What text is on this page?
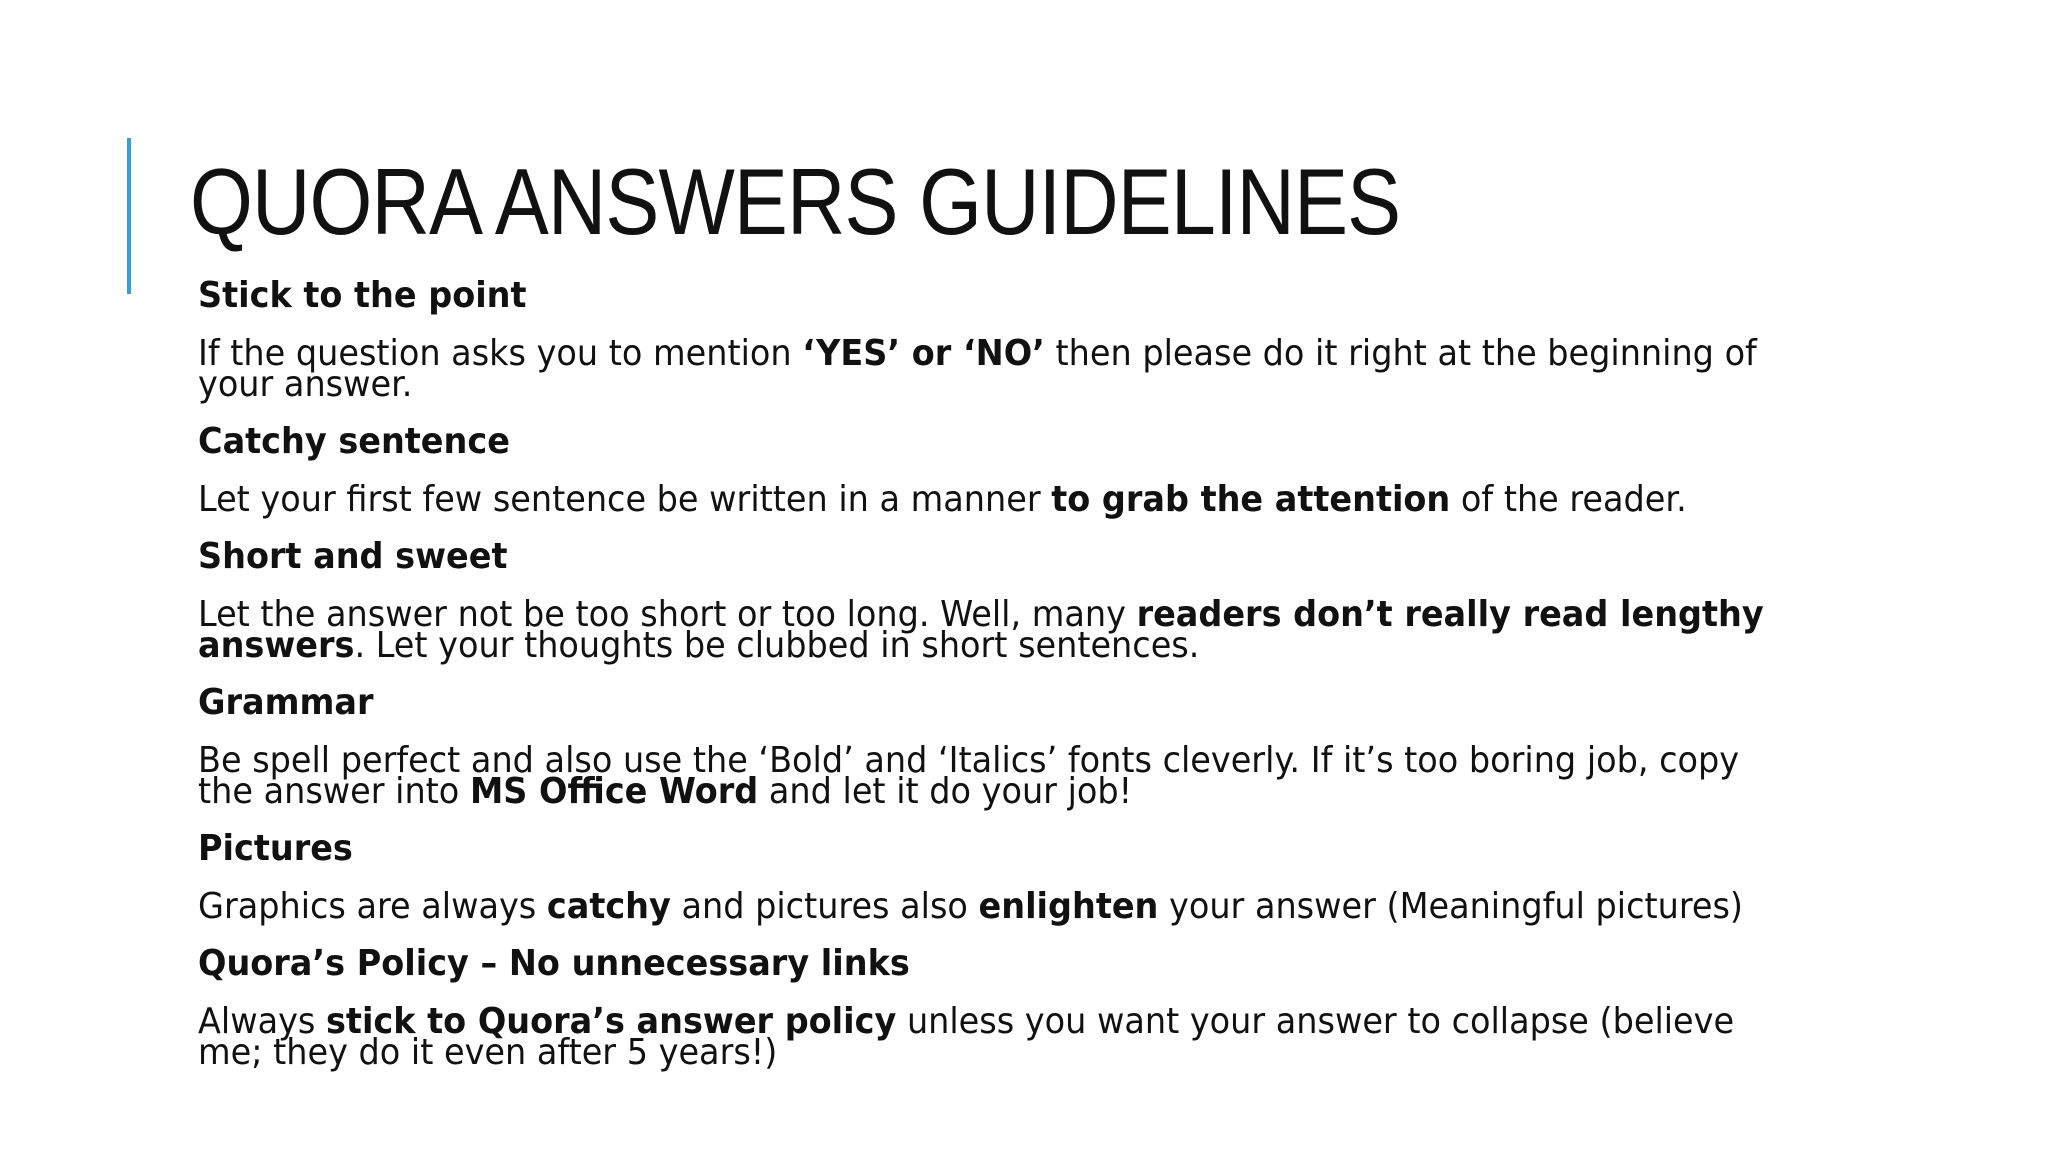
QUORA ANSWERS GUIDELINES

Stick to the point

If the question asks you to mention ‘YES’ or ‘NO’ then please do it right at the beginning of your answer.

Catchy sentence

Let your first few sentence be written in a manner to grab the attention of the reader.

Short and sweet

Let the answer not be too short or too long. Well, many readers don’t really read lengthy answers. Let your thoughts be clubbed in short sentences.

Grammar

Be spell perfect and also use the ‘Bold’ and ‘Italics’ fonts cleverly. If it’s too boring job, copy the answer into MS Office Word and let it do your job!

Pictures

Graphics are always catchy and pictures also enlighten your answer (Meaningful pictures)

Quora’s Policy – No unnecessary links

Always stick to Quora’s answer policy unless you want your answer to collapse (believe me; they do it even after 5 years!)
